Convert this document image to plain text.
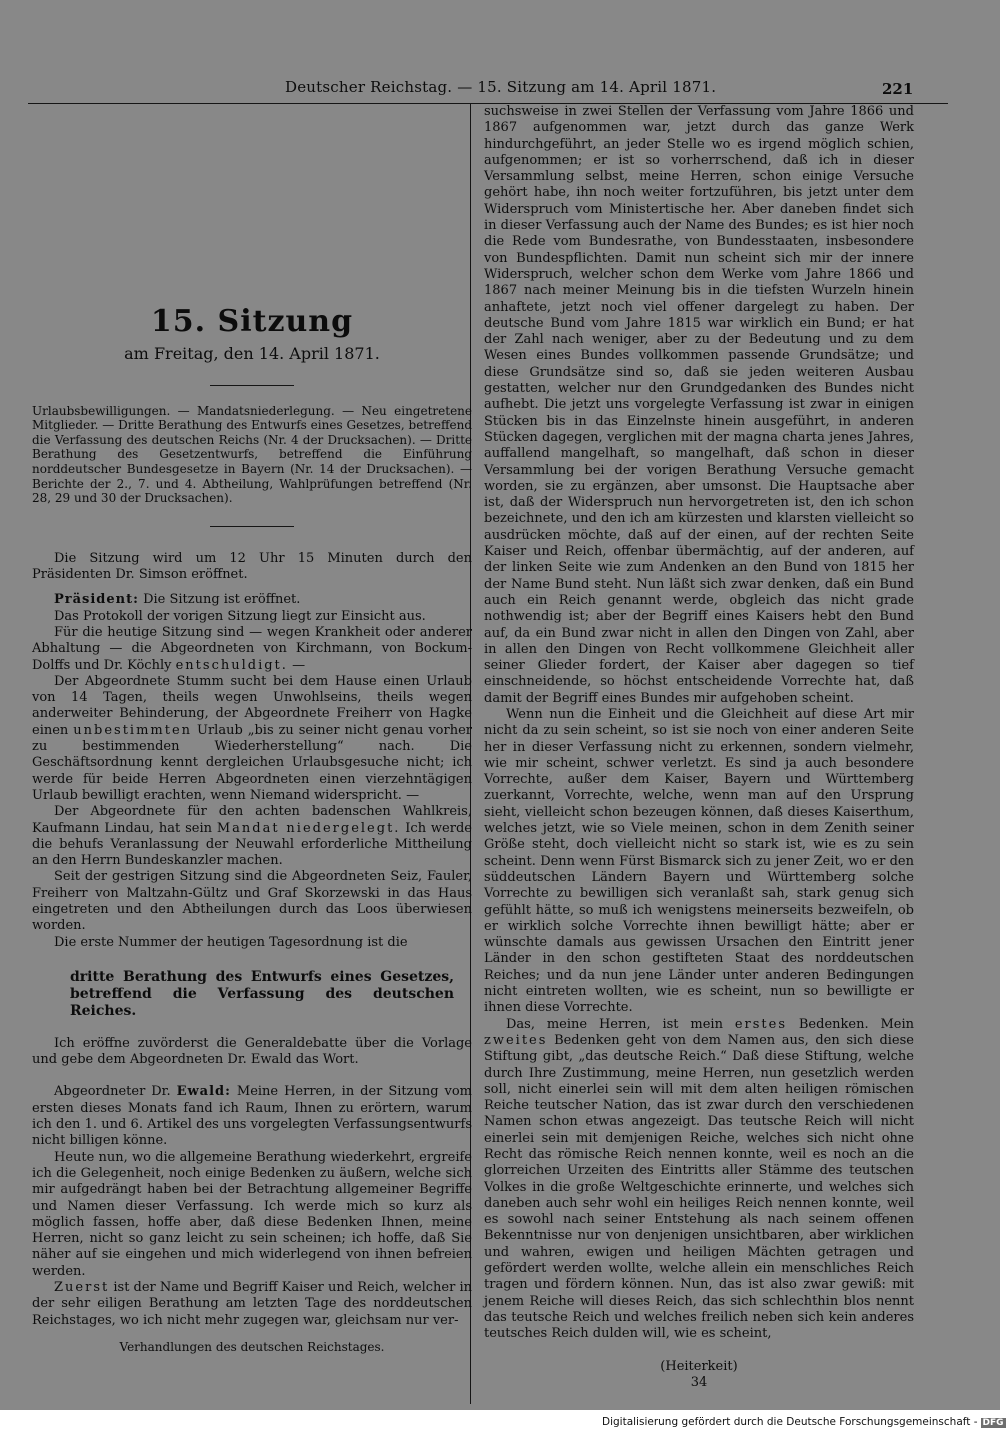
Deutscher Reichstag. — 15. Sitzung am 14. April 1871.	221
15. Sitzung
am Freitag, den 14. April 1871.
Urlaubsbewilligungen. — Mandatsniederlegung. — Neu eingetretene Mitglieder. — Dritte Berathung des Entwurfs eines Gesetzes, betreffend die Verfassung des deutschen Reichs (Nr. 4 der Drucksachen). — Dritte Berathung des Gesetzentwurfs, betreffend die Einführung norddeutscher Bundesgesetze in Bayern (Nr. 14 der Drucksachen). — Berichte der 2., 7. und 4. Abtheilung, Wahlprüfungen betreffend (Nr. 28, 29 und 30 der Drucksachen).

Die Sitzung wird um 12 Uhr 15 Minuten durch den Präsidenten Dr. Simson eröffnet.

Präsident: Die Sitzung ist eröffnet.

Das Protokoll der vorigen Sitzung liegt zur Einsicht aus.

Für die heutige Sitzung sind — wegen Krankheit oder anderer Abhaltung — die Abgeordneten von Kirchmann, von Bockum-Dolffs und Dr. Köchly entschuldigt. —

Der Abgeordnete Stumm sucht bei dem Hause einen Urlaub von 14 Tagen, theils wegen Unwohlseins, theils wegen anderweiter Behinderung, der Abgeordnete Freiherr von Hagke einen unbestimmten Urlaub „bis zu seiner nicht genau vorher zu bestimmenden Wiederherstellung“ nach. Die Geschäftsordnung kennt dergleichen Urlaubsgesuche nicht; ich werde für beide Herren Abgeordneten einen vierzehntägigen Urlaub bewilligt erachten, wenn Niemand widerspricht. —

Der Abgeordnete für den achten badenschen Wahlkreis, Kaufmann Lindau, hat sein Mandat niedergelegt. Ich werde die behufs Veranlassung der Neuwahl erforderliche Mittheilung an den Herrn Bundeskanzler machen.

Seit der gestrigen Sitzung sind die Abgeordneten Seiz, Fauler, Freiherr von Maltzahn-Gültz und Graf Skorzewski in das Haus eingetreten und den Abtheilungen durch das Loos überwiesen worden.

Die erste Nummer der heutigen Tagesordnung ist die

dritte Berathung des Entwurfs eines Gesetzes, betreffend die Verfassung des deutschen Reiches.

Ich eröffne zuvörderst die Generaldebatte über die Vorlage und gebe dem Abgeordneten Dr. Ewald das Wort.

Abgeordneter Dr. Ewald: Meine Herren, in der Sitzung vom ersten dieses Monats fand ich Raum, Ihnen zu erörtern, warum ich den 1. und 6. Artikel des uns vorgelegten Verfassungsentwurfs nicht billigen könne.

Heute nun, wo die allgemeine Berathung wiederkehrt, ergreife ich die Gelegenheit, noch einige Bedenken zu äußern, welche sich mir aufgedrängt haben bei der Betrachtung allgemeiner Begriffe und Namen dieser Verfassung. Ich werde mich so kurz als möglich fassen, hoffe aber, daß diese Bedenken Ihnen, meine Herren, nicht so ganz leicht zu sein scheinen; ich hoffe, daß Sie näher auf sie eingehen und mich widerlegend von ihnen befreien werden.

Zuerst ist der Name und Begriff Kaiser und Reich, welcher in der sehr eiligen Berathung am letzten Tage des norddeutschen Reichstages, wo ich nicht mehr zugegen war, gleichsam nur ver-

Verhandlungen des deutschen Reichstages.

suchsweise in zwei Stellen der Verfassung vom Jahre 1866 und 1867 aufgenommen war, jetzt durch das ganze Werk hindurchgeführt, an jeder Stelle wo es irgend möglich schien, aufgenommen; er ist so vorherrschend, daß ich in dieser Versammlung selbst, meine Herren, schon einige Versuche gehört habe, ihn noch weiter fortzuführen, bis jetzt unter dem Widerspruch vom Ministertische her. Aber daneben findet sich in dieser Verfassung auch der Name des Bundes; es ist hier noch die Rede vom Bundesrathe, von Bundesstaaten, insbesondere von Bundespflichten. Damit nun scheint sich mir der innere Widerspruch, welcher schon dem Werke vom Jahre 1866 und 1867 nach meiner Meinung bis in die tiefsten Wurzeln hinein anhaftete, jetzt noch viel offener dargelegt zu haben. Der deutsche Bund vom Jahre 1815 war wirklich ein Bund; er hat der Zahl nach weniger, aber zu der Bedeutung und zu dem Wesen eines Bundes vollkommen passende Grundsätze; und diese Grundsätze sind so, daß sie jeden weiteren Ausbau gestatten, welcher nur den Grundgedanken des Bundes nicht aufhebt. Die jetzt uns vorgelegte Verfassung ist zwar in einigen Stücken bis in das Einzelnste hinein ausgeführt, in anderen Stücken dagegen, verglichen mit der magna charta jenes Jahres, auffallend mangelhaft, so mangelhaft, daß schon in dieser Versammlung bei der vorigen Berathung Versuche gemacht worden, sie zu ergänzen, aber umsonst. Die Hauptsache aber ist, daß der Widerspruch nun hervorgetreten ist, den ich schon bezeichnete, und den ich am kürzesten und klarsten vielleicht so ausdrücken möchte, daß auf der einen, auf der rechten Seite Kaiser und Reich, offenbar übermächtig, auf der anderen, auf der linken Seite wie zum Andenken an den Bund von 1815 her der Name Bund steht. Nun läßt sich zwar denken, daß ein Bund auch ein Reich genannt werde, obgleich das nicht grade nothwendig ist; aber der Begriff eines Kaisers hebt den Bund auf, da ein Bund zwar nicht in allen den Dingen von Zahl, aber in allen den Dingen von Recht vollkommene Gleichheit aller seiner Glieder fordert, der Kaiser aber dagegen so tief einschneidende, so höchst entscheidende Vorrechte hat, daß damit der Begriff eines Bundes mir aufgehoben scheint.

Wenn nun die Einheit und die Gleichheit auf diese Art mir nicht da zu sein scheint, so ist sie noch von einer anderen Seite her in dieser Verfassung nicht zu erkennen, sondern vielmehr, wie mir scheint, schwer verletzt. Es sind ja auch besondere Vorrechte, außer dem Kaiser, Bayern und Württemberg zuerkannt, Vorrechte, welche, wenn man auf den Ursprung sieht, vielleicht schon bezeugen können, daß dieses Kaiserthum, welches jetzt, wie so Viele meinen, schon in dem Zenith seiner Größe steht, doch vielleicht nicht so stark ist, wie es zu sein scheint. Denn wenn Fürst Bismarck sich zu jener Zeit, wo er den süddeutschen Ländern Bayern und Württemberg solche Vorrechte zu bewilligen sich veranlaßt sah, stark genug sich gefühlt hätte, so muß ich wenigstens meinerseits bezweifeln, ob er wirklich solche Vorrechte ihnen bewilligt hätte; aber er wünschte damals aus gewissen Ursachen den Eintritt jener Länder in den schon gestifteten Staat des norddeutschen Reiches; und da nun jene Länder unter anderen Bedingungen nicht eintreten wollten, wie es scheint, nun so bewilligte er ihnen diese Vorrechte.

Das, meine Herren, ist mein erstes Bedenken. Mein zweites Bedenken geht von dem Namen aus, den sich diese Stiftung gibt, „das deutsche Reich.“ Daß diese Stiftung, welche durch Ihre Zustimmung, meine Herren, nun gesetzlich werden soll, nicht einerlei sein will mit dem alten heiligen römischen Reiche teutscher Nation, das ist zwar durch den verschiedenen Namen schon etwas angezeigt. Das teutsche Reich will nicht einerlei sein mit demjenigen Reiche, welches sich nicht ohne Recht das römische Reich nennen konnte, weil es noch an die glorreichen Urzeiten des Eintritts aller Stämme des teutschen Volkes in die große Weltgeschichte erinnerte, und welches sich daneben auch sehr wohl ein heiliges Reich nennen konnte, weil es sowohl nach seiner Entstehung als nach seinem offenen Bekenntnisse nur von denjenigen unsichtbaren, aber wirklichen und wahren, ewigen und heiligen Mächten getragen und gefördert werden wollte, welche allein ein menschliches Reich tragen und fördern können. Nun, das ist also zwar gewiß: mit jenem Reiche will dieses Reich, das sich schlechthin blos nennt das teutsche Reich und welches freilich neben sich kein anderes teutsches Reich dulden will, wie es scheint,

(Heiterkeit)

34

Digitalisierung gefördert durch die Deutsche Forschungsgemeinschaft - DFG
